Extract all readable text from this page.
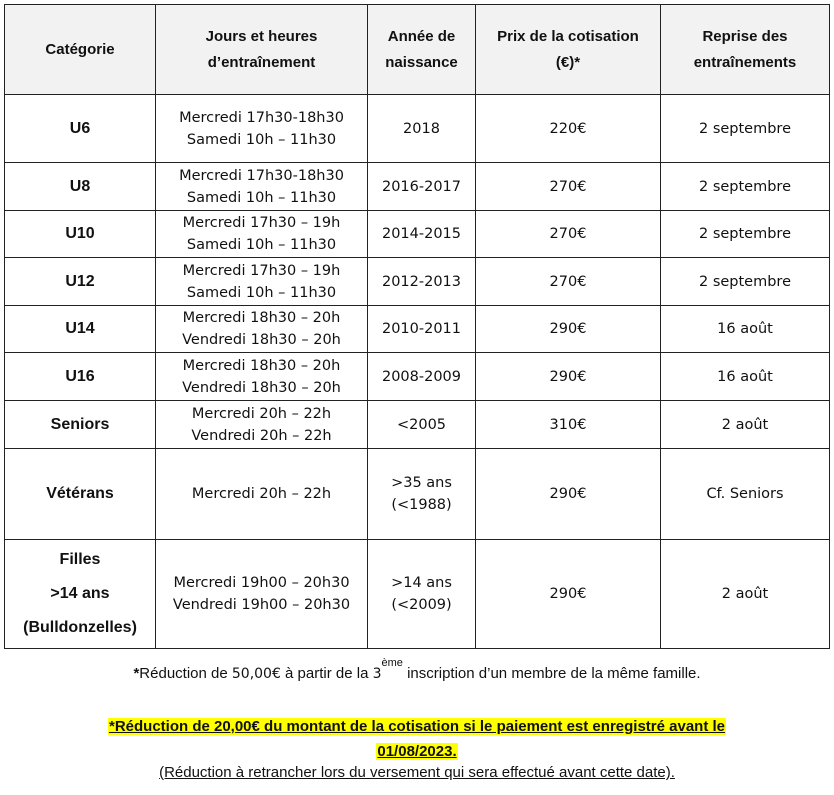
Catégorie	Jours et heures d’entraînement	Année de naissance	Prix de la cotisation (€)*	Reprise des entraînements

U6	Mercredi 17h30-18h30
Samedi 10h – 11h30	2018	220€	2 septembre

U8	Mercredi 17h30-18h30
Samedi 10h – 11h30	2016-2017	270€	2 septembre

U10	Mercredi 17h30 – 19h
Samedi 10h – 11h30	2014-2015	270€	2 septembre

U12	Mercredi 17h30 – 19h
Samedi 10h – 11h30	2012-2013	270€	2 septembre

U14	Mercredi 18h30 – 20h
Vendredi 18h30 – 20h	2010-2011	290€	16 août

U16	Mercredi 18h30 – 20h
Vendredi 18h30 – 20h	2008-2009	290€	16 août

Seniors	Mercredi 20h – 22h
Vendredi 20h – 22h	<2005	310€	2 août

Vétérans	Mercredi 20h – 22h	>35 ans
(<1988)	290€	Cf. Seniors

Filles
>14 ans
(Bulldonzelles)	Mercredi 19h00 – 20h30
Vendredi 19h00 – 20h30	>14 ans
(<2009)	290€	2 août
*Réduction de 50,00€ à partir de la 3ème inscription d’un membre de la même famille.
*Réduction de 20,00€ du montant de la cotisation si le paiement est enregistré avant le
01/08/2023.
(Réduction à retrancher lors du versement qui sera effectué avant cette date).
